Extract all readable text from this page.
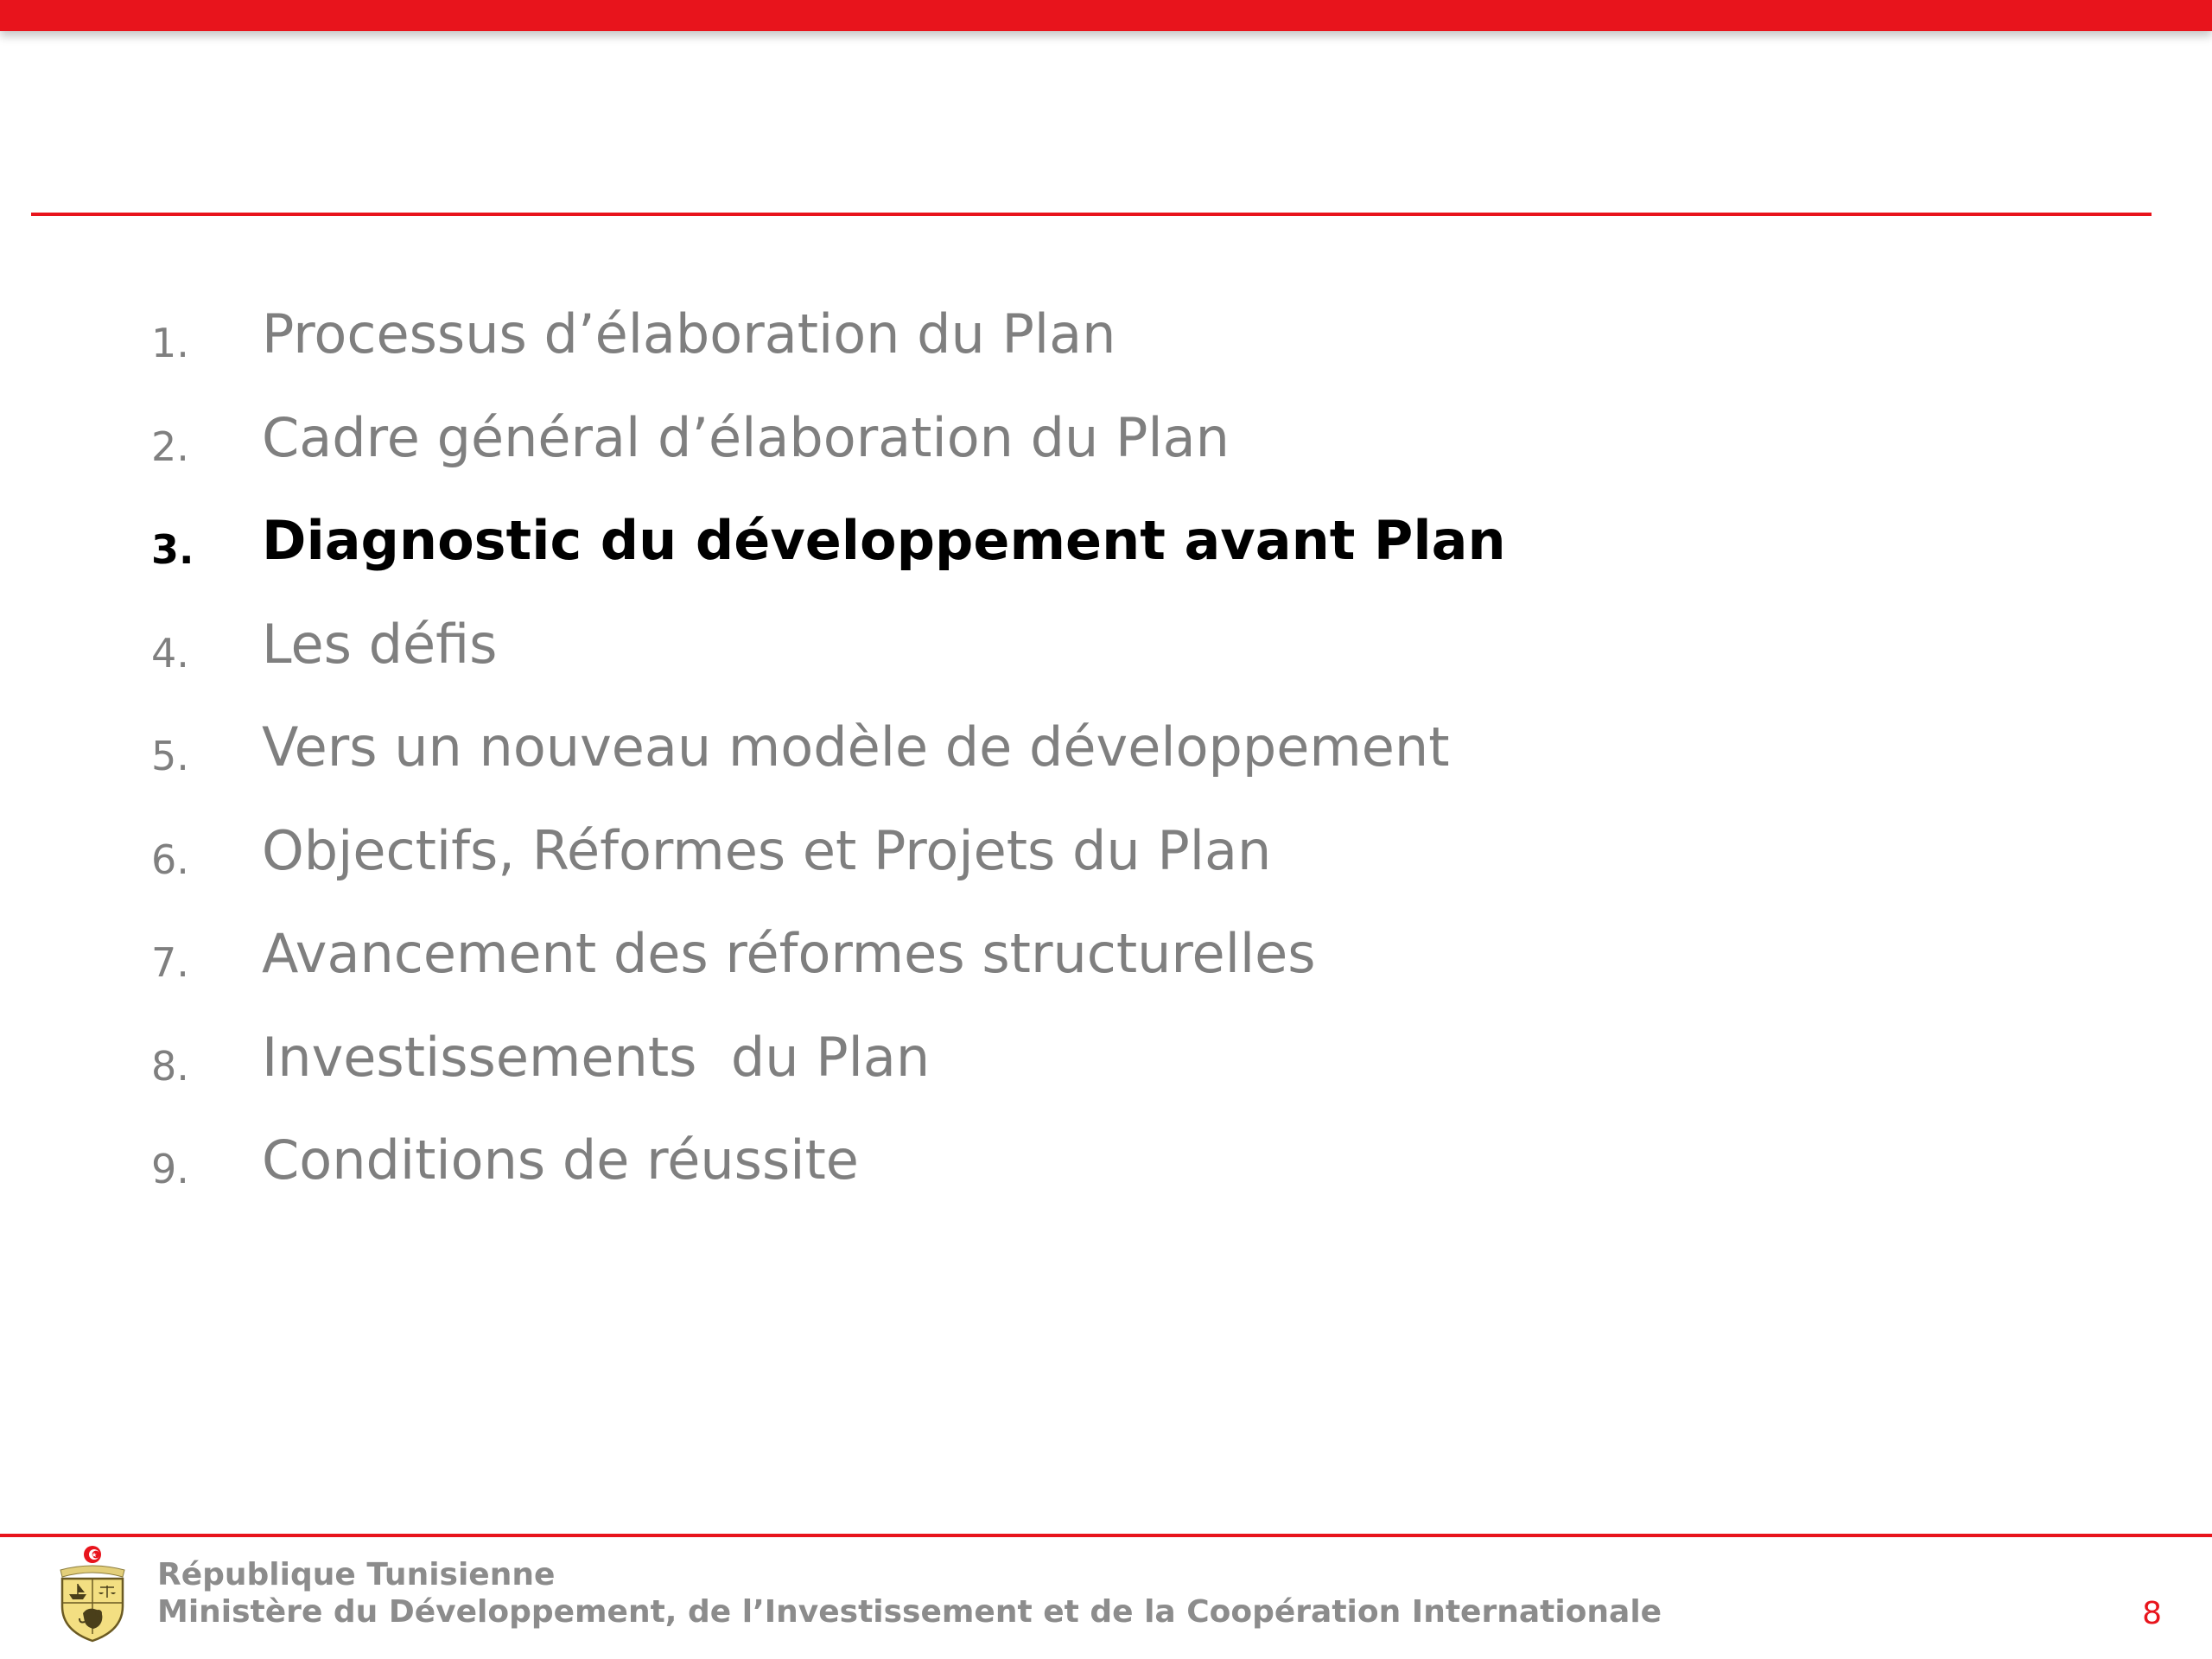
1. Processus d’élaboration du Plan
2. Cadre général d’élaboration du Plan
3. Diagnostic du développement avant Plan
4. Les défis
5. Vers un nouveau modèle de développement
6. Objectifs, Réformes et Projets du Plan
7. Avancement des réformes structurelles
8. Investissements  du Plan
9. Conditions de réussite
République Tunisienne
Ministère du Développement, de l’Investissement et de la Coopération Internationale	8
